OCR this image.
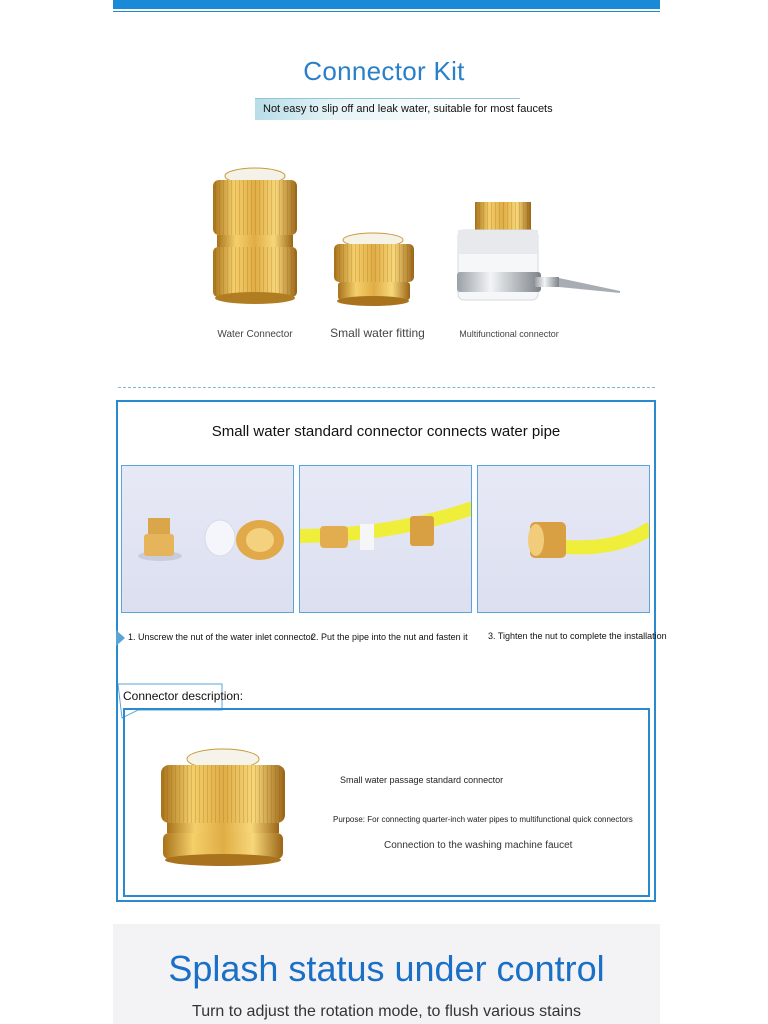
Connector Kit
Not easy to slip off and leak water, suitable for most faucets
Water Connector	Small water fitting	Multifunctional connector
Small water standard connector connects water pipe
1. Unscrew the nut of the water inlet connector
2. Put the pipe into the nut and fasten it 3. Tighten the nut to complete the installation
Connector description:
Small water passage standard connector
Purpose: For connecting quarter-inch water pipes to multifunctional quick connectors
Connection to the washing machine faucet
Splash status under control
Turn to adjust the rotation mode, to flush various stains
